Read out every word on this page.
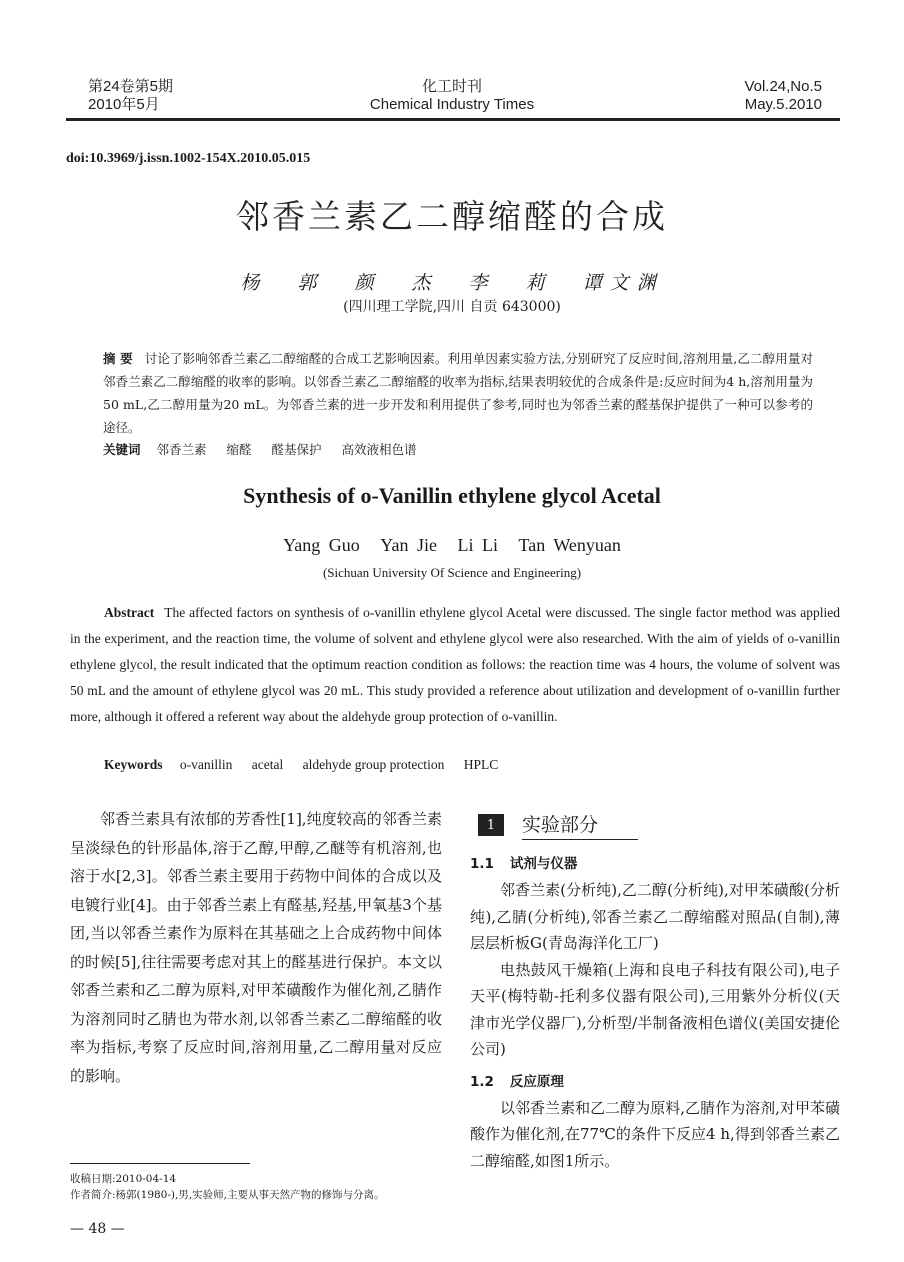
第24卷第5期
2010年5月
化工时刊
Chemical Industry Times
Vol.24,No.5
May.5.2010
doi:10.3969/j.issn.1002-154X.2010.05.015
邻香兰素乙二醇缩醛的合成
杨 郭 颜 杰 李 莉 谭文渊
(四川理工学院,四川 自贡 643000)
摘 要 讨论了影响邻香兰素乙二醇缩醛的合成工艺影响因素。利用单因素实验方法,分别研究了反应时间,溶剂用量,乙二醇用量对邻香兰素乙二醇缩醛的收率的影响。以邻香兰素乙二醇缩醛的收率为指标,结果表明较优的合成条件是:反应时间为4 h,溶剂用量为50 mL,乙二醇用量为20 mL。为邻香兰素的进一步开发和利用提供了参考,同时也为邻香兰素的醛基保护提供了一种可以参考的途径。
关键词 邻香兰素 缩醛 醛基保护 高效液相色谱
Synthesis of o-Vanillin ethylene glycol Acetal
Yang Guo Yan Jie Li Li Tan Wenyuan
(Sichuan University Of Science and Engineering)
Abstract The affected factors on synthesis of o-vanillin ethylene glycol Acetal were discussed. The single factor method was applied in the experiment, and the reaction time, the volume of solvent and ethylene glycol were also researched. With the aim of yields of o-vanillin ethylene glycol, the result indicated that the optimum reaction condition as follows: the reaction time was 4 hours, the volume of solvent was 50 mL and the amount of ethylene glycol was 20 mL. This study provided a reference about utilization and development of o-vanillin further more, although it offered a referent way about the aldehyde group protection of o-vanillin.
Keywords o-vanillin acetal aldehyde group protection HPLC
邻香兰素具有浓郁的芳香性[1],纯度较高的邻香兰素呈淡绿色的针形晶体,溶于乙醇,甲醇,乙醚等有机溶剂,也溶于水[2,3]。邻香兰素主要用于药物中间体的合成以及电镀行业[4]。由于邻香兰素上有醛基,羟基,甲氧基3个基团,当以邻香兰素作为原料在其基础之上合成药物中间体的时候[5],往往需要考虑对其上的醛基进行保护。本文以邻香兰素和乙二醇为原料,对甲苯磺酸作为催化剂,乙腈作为溶剂同时乙腈也为带水剂,以邻香兰素乙二醇缩醛的收率为指标,考察了反应时间,溶剂用量,乙二醇用量对反应的影响。
1	实验部分
1.1 试剂与仪器
邻香兰素(分析纯),乙二醇(分析纯),对甲苯磺酸(分析纯),乙腈(分析纯),邻香兰素乙二醇缩醛对照品(自制),薄层层析板G(青岛海洋化工厂)
电热鼓风干燥箱(上海和良电子科技有限公司),电子天平(梅特勒-托利多仪器有限公司),三用紫外分析仪(天津市光学仪器厂),分析型/半制备液相色谱仪(美国安捷伦公司)
1.2 反应原理
以邻香兰素和乙二醇为原料,乙腈作为溶剂,对甲苯磺酸作为催化剂,在77℃的条件下反应4 h,得到邻香兰素乙二醇缩醛,如图1所示。
收稿日期:2010-04-14
作者简介:杨郭(1980-),男,实验师,主要从事天然产物的修饰与分离。
— 48 —
